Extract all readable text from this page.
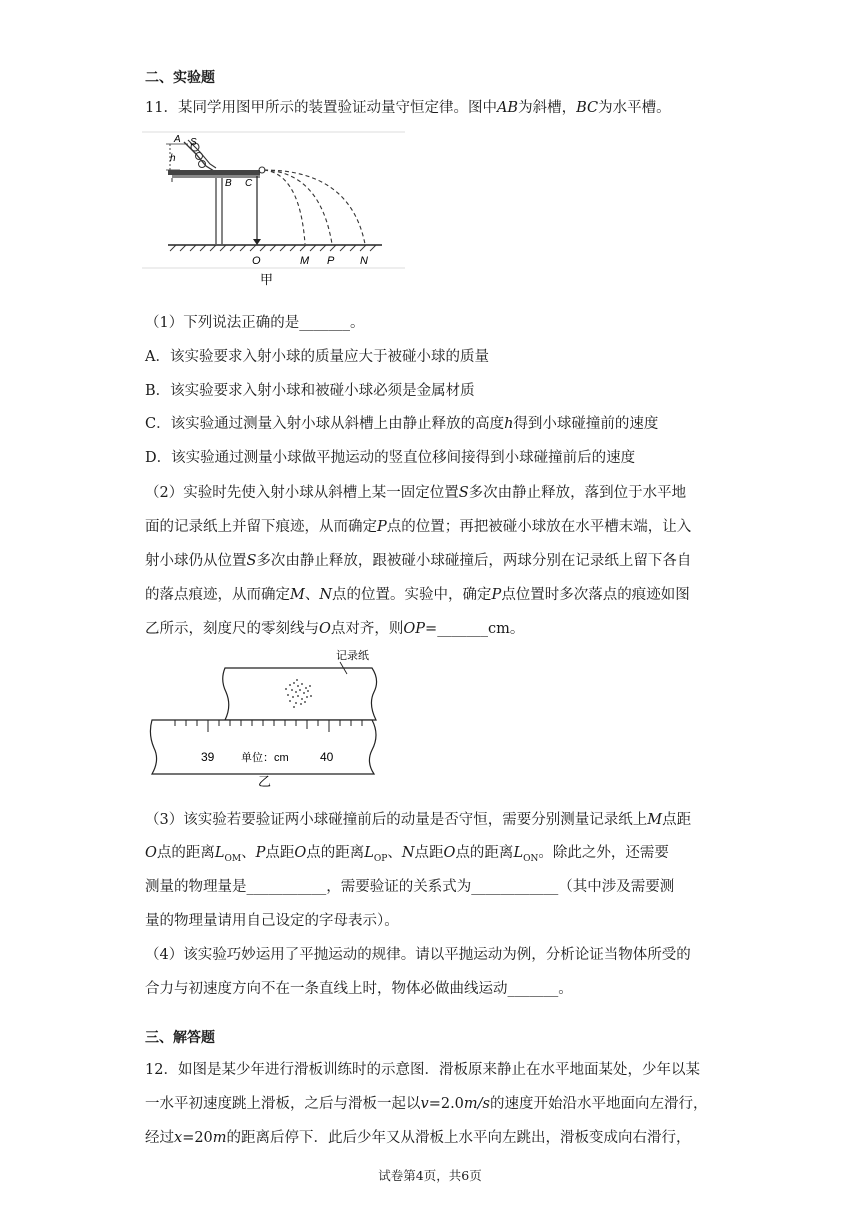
二、实验题
11．某同学用图甲所示的装置验证动量守恒定律。图中AB为斜槽，BC为水平槽。
A S
h
B C
O	M P N
甲
（1）下列说法正确的是_______。
A．该实验要求入射小球的质量应大于被碰小球的质量
B．该实验要求入射小球和被碰小球必须是金属材质
C．该实验通过测量入射小球从斜槽上由静止释放的高度h得到小球碰撞前的速度
D．该实验通过测量小球做平抛运动的竖直位移间接得到小球碰撞前后的速度
（2）实验时先使入射小球从斜槽上某一固定位置S多次由静止释放，落到位于水平地
面的记录纸上并留下痕迹，从而确定P点的位置；再把被碰小球放在水平槽末端，让入
射小球仍从位置S多次由静止释放，跟被碰小球碰撞后，两球分别在记录纸上留下各自
的落点痕迹，从而确定M、N点的位置。实验中，确定P点位置时多次落点的痕迹如图
乙所示，刻度尺的零刻线与O点对齐，则OP=_______cm。
记录纸
39	40
单位：cm
乙
（3）该实验若要验证两小球碰撞前后的动量是否守恒，需要分别测量记录纸上M点距
O点的距离$L_{OM}$、P点距O点的距离$L_{OP}$、N点距O点的距离$L_{ON}$。除此之外，还需要
测量的物理量是___________，需要验证的关系式为____________（其中涉及需要测
量的物理量请用自己设定的字母表示）。
（4）该实验巧妙运用了平抛运动的规律。请以平抛运动为例，分析论证当物体所受的
合力与初速度方向不在一条直线上时，物体必做曲线运动_______。
三、解答题
12．如图是某少年进行滑板训练时的示意图．滑板原来静止在水平地面某处，少年以某
一水平初速度跳上滑板，之后与滑板一起以v=2.0m/s的速度开始沿水平地面向左滑行，
经过x=20m的距离后停下．此后少年又从滑板上水平向左跳出，滑板变成向右滑行，
试卷第4页，共6页
